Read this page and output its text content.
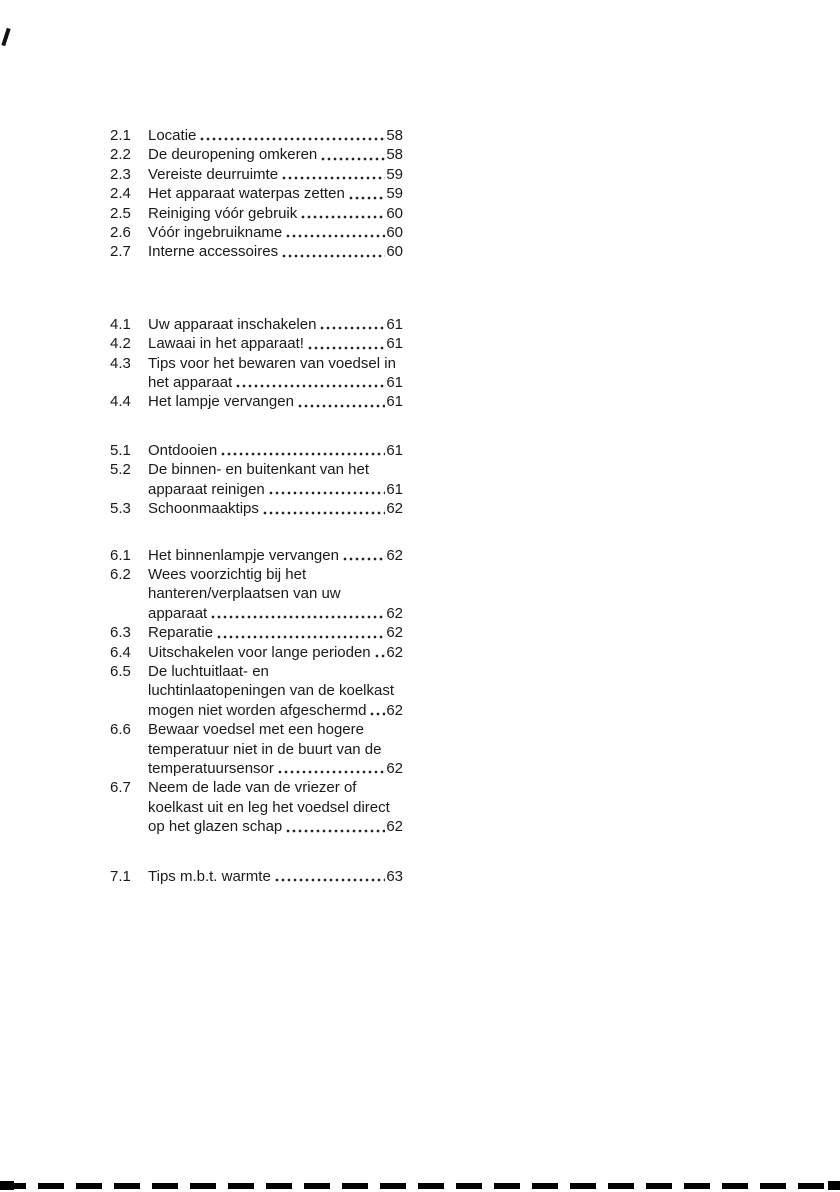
2.1	Locatie	58
2.2	De deuropening omkeren	58
2.3	Vereiste deurruimte	59
2.4	Het apparaat waterpas zetten	59
2.5	Reiniging vóór gebruik	60
2.6	Vóór ingebruikname	60
2.7	Interne accessoires	60
4.1	Uw apparaat inschakelen	61
4.2	Lawaai in het apparaat!	61
4.3	Tips voor het bewaren van voedsel in
het apparaat	61
4.4	Het lampje vervangen	61
5.1	Ontdooien	61
5.2	De binnen- en buitenkant van het
apparaat reinigen	61
5.3	Schoonmaaktips	62
6.1	Het binnenlampje vervangen	62
6.2	Wees voorzichtig bij het
hanteren/verplaatsen van uw
apparaat	62
6.3	Reparatie	62
6.4	Uitschakelen voor lange perioden 62
6.5	De luchtuitlaat- en
luchtinlaatopeningen van de koelkast
mogen niet worden afgeschermd 62
6.6	Bewaar voedsel met een hogere
temperatuur niet in de buurt van de
temperatuursensor	62
6.7	Neem de lade van de vriezer of
koelkast uit en leg het voedsel direct
op het glazen schap	62
7.1	Tips m.b.t. warmte	63
